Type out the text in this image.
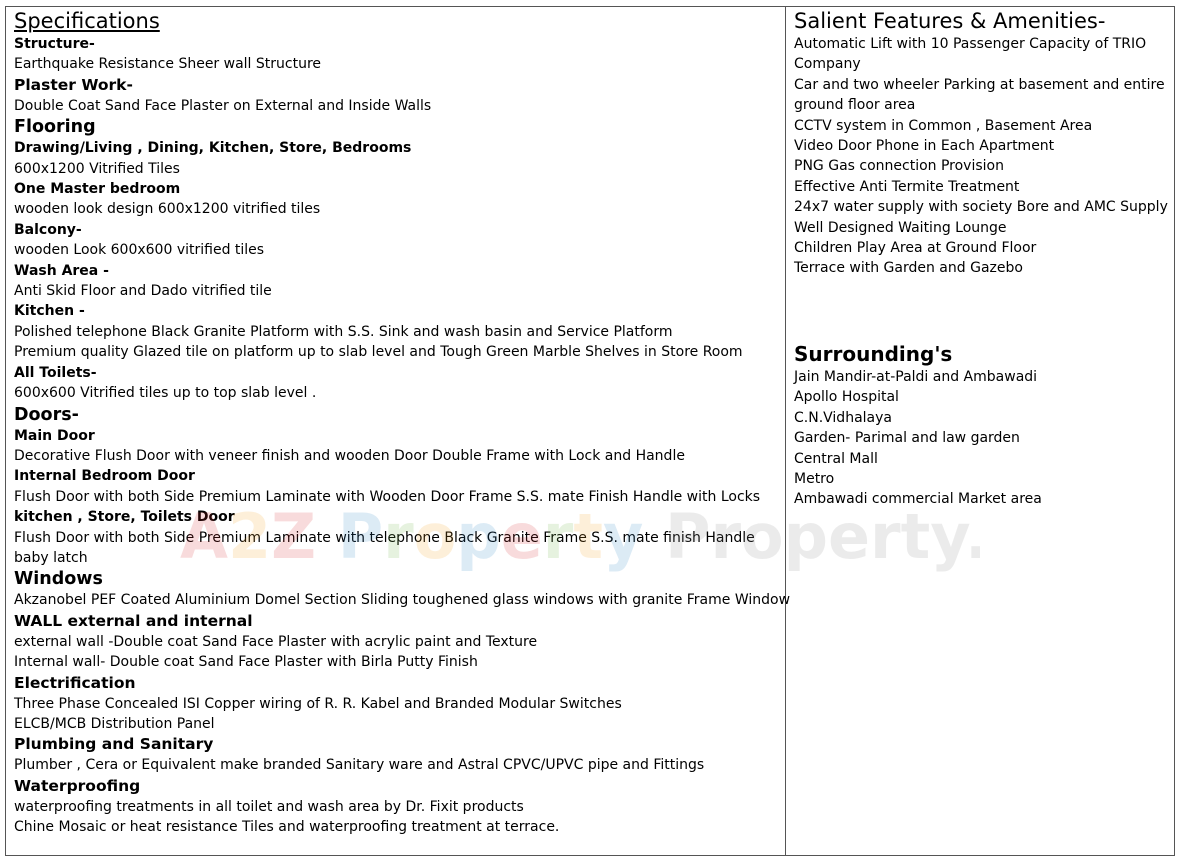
Specifications
Structure-
Earthquake Resistance Sheer wall Structure
Plaster Work-
Double Coat Sand Face Plaster on External and Inside Walls
Flooring
Drawing/Living , Dining, Kitchen, Store, Bedrooms
600x1200 Vitrified Tiles
One Master bedroom
wooden look design 600x1200 vitrified tiles
Balcony-
wooden Look 600x600 vitrified tiles
Wash Area -
Anti Skid Floor and Dado vitrified tile
Kitchen -
Polished telephone Black Granite Platform with S.S. Sink and wash basin and Service Platform
Premium quality Glazed tile on platform up to slab level and Tough Green Marble Shelves in Store Room
All Toilets-
600x600 Vitrified tiles up to top slab level .
Doors-
Main Door
Decorative Flush Door with veneer finish and wooden Door Double Frame with Lock and Handle
Internal Bedroom Door
Flush Door with both Side Premium Laminate with Wooden Door Frame S.S. mate Finish Handle with Locks
kitchen , Store, Toilets Door
Flush Door with both Side Premium Laminate with telephone Black Granite Frame S.S. mate finish Handle baby latch
Windows
Akzanobel PEF Coated Aluminium Domel Section Sliding toughened glass windows with granite Frame Window
WALL external and internal
external wall -Double coat Sand Face Plaster with acrylic paint and Texture
Internal wall- Double coat Sand Face Plaster with Birla Putty Finish
Electrification
Three Phase Concealed ISI Copper wiring of R. R. Kabel and Branded Modular Switches
ELCB/MCB Distribution Panel
Plumbing and Sanitary
Plumber , Cera or Equivalent make branded Sanitary ware and Astral CPVC/UPVC pipe and Fittings
Waterproofing
waterproofing treatments in all toilet and wash area by Dr. Fixit products
Chine Mosaic or heat resistance Tiles and waterproofing treatment at terrace.
Salient Features & Amenities-
Automatic Lift with 10 Passenger Capacity of TRIO Company
Car and two wheeler Parking at basement and entire ground floor area
CCTV system in Common , Basement Area
Video Door Phone in Each Apartment
PNG Gas connection Provision
Effective Anti Termite Treatment
24x7 water supply with society Bore and AMC Supply
Well Designed Waiting Lounge
Children Play Area at Ground Floor
Terrace with Garden and Gazebo
Surrounding's
Jain Mandir-at-Paldi and Ambawadi
Apollo Hospital
C.N.Vidhalaya
Garden- Parimal and law garden
Central Mall
Metro
Ambawadi commercial Market area
A2Z Property Property
